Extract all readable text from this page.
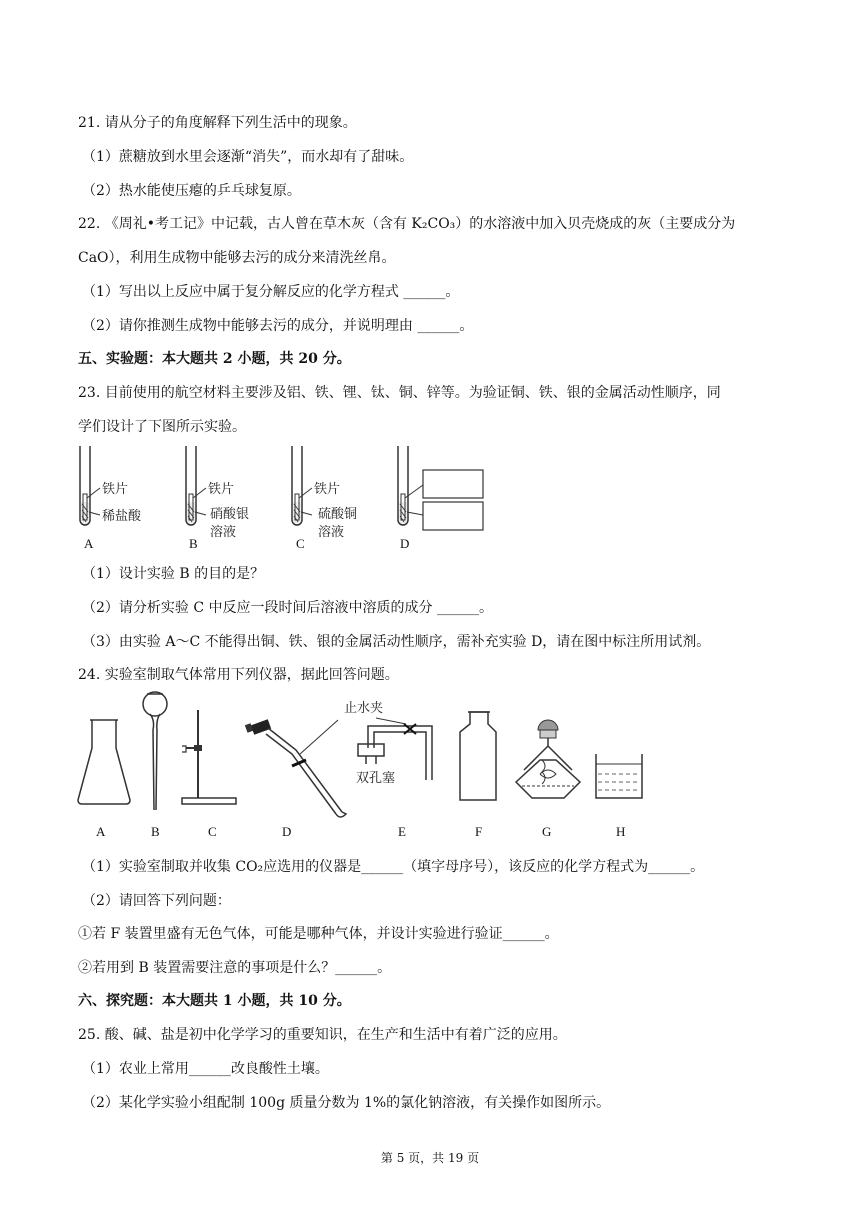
21. 请从分子的角度解释下列生活中的现象。
（1）蔗糖放到水里会逐渐“消失”，而水却有了甜味。
（2）热水能使压瘪的乒乓球复原。
22. 《周礼•考工记》中记载，古人曾在草木灰（含有 K₂CO₃）的水溶液中加入贝壳烧成的灰（主要成分为
CaO），利用生成物中能够去污的成分来清洗丝帛。
（1）写出以上反应中属于复分解反应的化学方程式 ______。
（2）请你推测生成物中能够去污的成分，并说明理由 ______。
五、实验题：本大题共 2 小题，共 20 分。
23. 目前使用的航空材料主要涉及铝、铁、锂、钛、铜、锌等。为验证铜、铁、银的金属活动性顺序，同
学们设计了下图所示实验。
铁片
稀盐酸
A
铁片
硝酸银
溶液
B
铁片
硫酸铜
溶液
C	D
（1）设计实验 B 的目的是？
（2）请分析实验 C 中反应一段时间后溶液中溶质的成分 ______。
（3）由实验 A～C 不能得出铜、铁、银的金属活动性顺序，需补充实验 D，请在图中标注所用试剂。
24. 实验室制取气体常用下列仪器，据此回答问题。
A	B	C	D
止水夹
双孔塞
E	F	G	H
（1）实验室制取并收集 CO₂应选用的仪器是______（填字母序号），该反应的化学方程式为______。
（2）请回答下列问题：
①若 F 装置里盛有无色气体，可能是哪种气体，并设计实验进行验证______。
②若用到 B 装置需要注意的事项是什么？______。
六、探究题：本大题共 1 小题，共 10 分。
25. 酸、碱、盐是初中化学学习的重要知识，在生产和生活中有着广泛的应用。
（1）农业上常用______改良酸性土壤。
（2）某化学实验小组配制 100g 质量分数为 1%的氯化钠溶液，有关操作如图所示。
第 5 页，共 19 页
